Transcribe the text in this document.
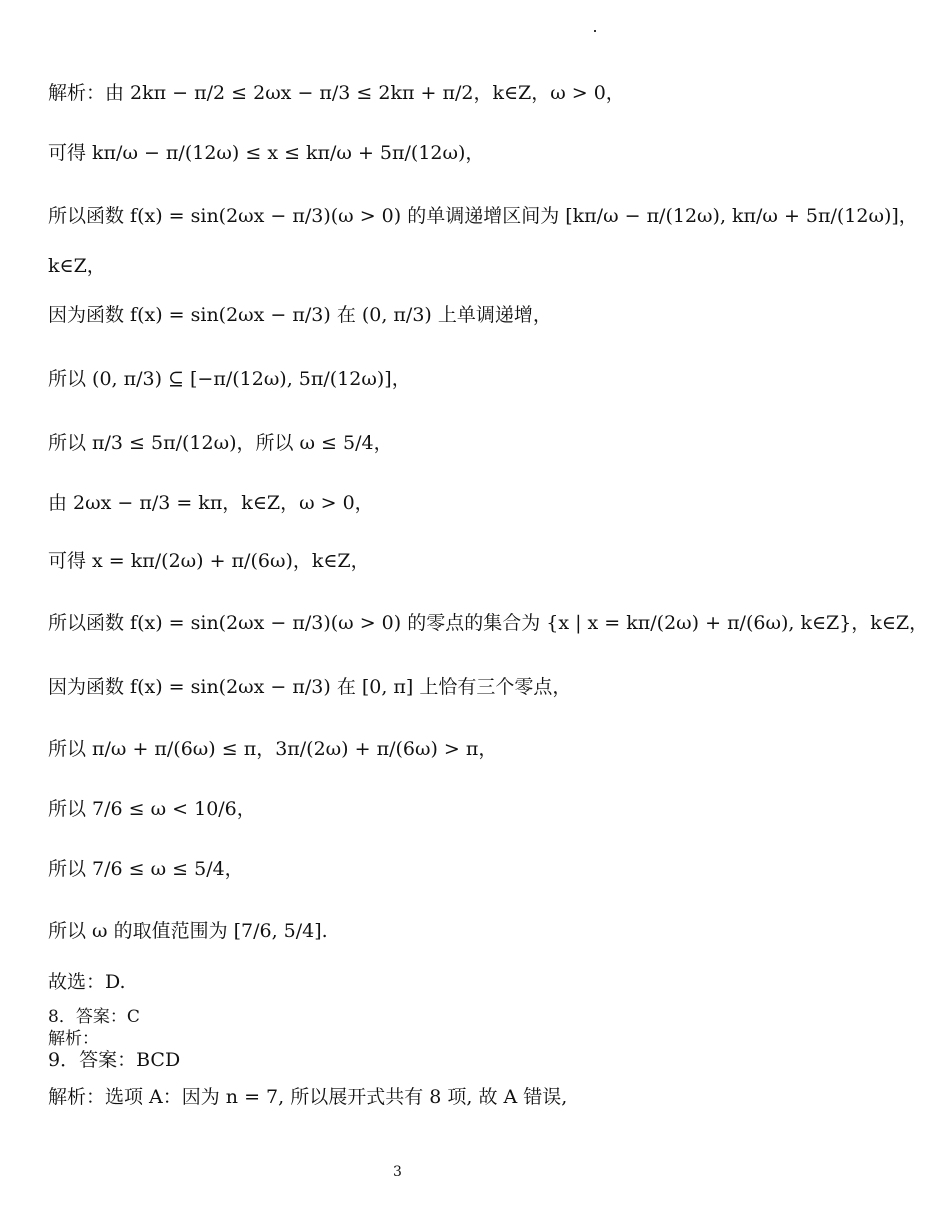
解析：由 2kπ − π/2 ≤ 2ωx − π/3 ≤ 2kπ + π/2，k∈Z，ω > 0，
可得 kπ/ω − π/(12ω) ≤ x ≤ kπ/ω + 5π/(12ω)，
所以函数 f(x) = sin(2ωx − π/3)(ω > 0) 的单调递增区间为 [kπ/ω − π/(12ω), kπ/ω + 5π/(12ω)]，
k∈Z，
因为函数 f(x) = sin(2ωx − π/3) 在 (0, π/3) 上单调递增，
所以 (0, π/3) ⊆ [−π/(12ω), 5π/(12ω)]，
所以 π/3 ≤ 5π/(12ω)，所以 ω ≤ 5/4，
由 2ωx − π/3 = kπ，k∈Z，ω > 0，
可得 x = kπ/(2ω) + π/(6ω)，k∈Z，
所以函数 f(x) = sin(2ωx − π/3)(ω > 0) 的零点的集合为 {x | x = kπ/(2ω) + π/(6ω), k∈Z}，k∈Z，
因为函数 f(x) = sin(2ωx − π/3) 在 [0, π] 上恰有三个零点，
所以 π/ω + π/(6ω) ≤ π，3π/(2ω) + π/(6ω) > π，
所以 7/6 ≤ ω < 10/6，
所以 7/6 ≤ ω ≤ 5/4，
所以 ω 的取值范围为 [7/6, 5/4].
故选：D.
8．答案：C
解析：
9．答案：BCD
解析：选项 A：因为 n = 7, 所以展开式共有 8 项, 故 A 错误,
3
